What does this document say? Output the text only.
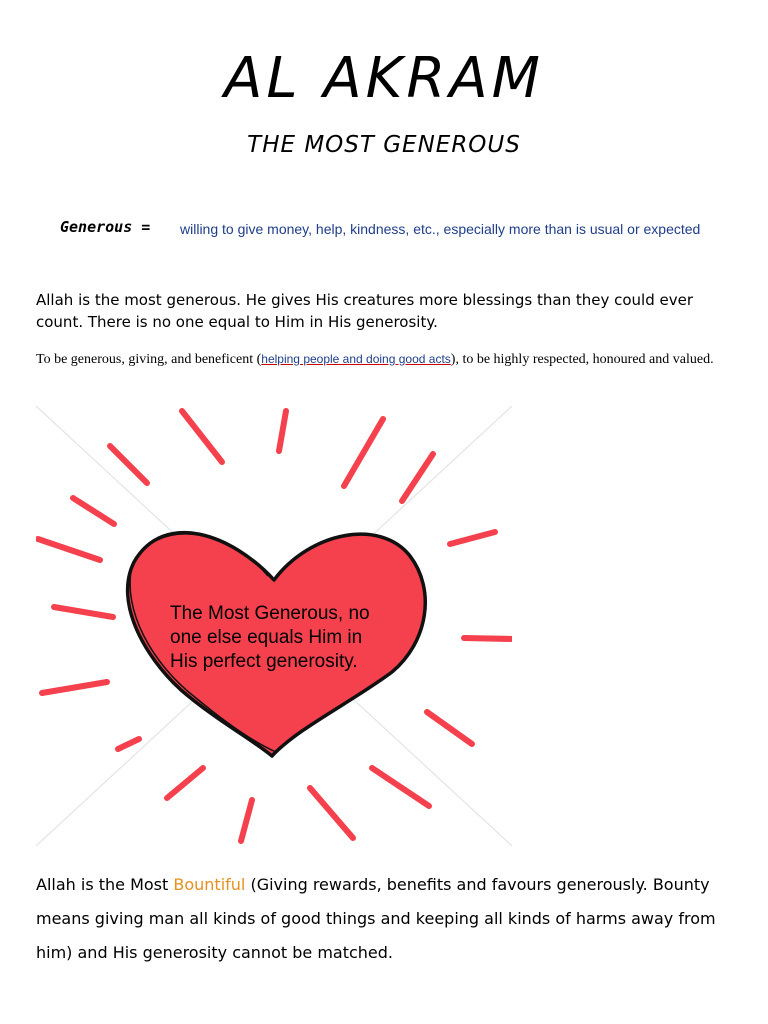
AL AKRAM
THE MOST GENEROUS
Generous = willing to give money, help, kindness, etc., especially more than is usual or expected
Allah is the most generous. He gives His creatures more blessings than they could ever count. There is no one equal to Him in His generosity.
To be generous, giving, and beneficent (helping people and doing good acts), to be highly respected, honoured and valued.
The Most Generous, no one else equals Him in His perfect generosity.
Allah is the Most Bountiful (Giving rewards, benefits and favours generously. Bounty means giving man all kinds of good things and keeping all kinds of harms away from him) and His generosity cannot be matched.
